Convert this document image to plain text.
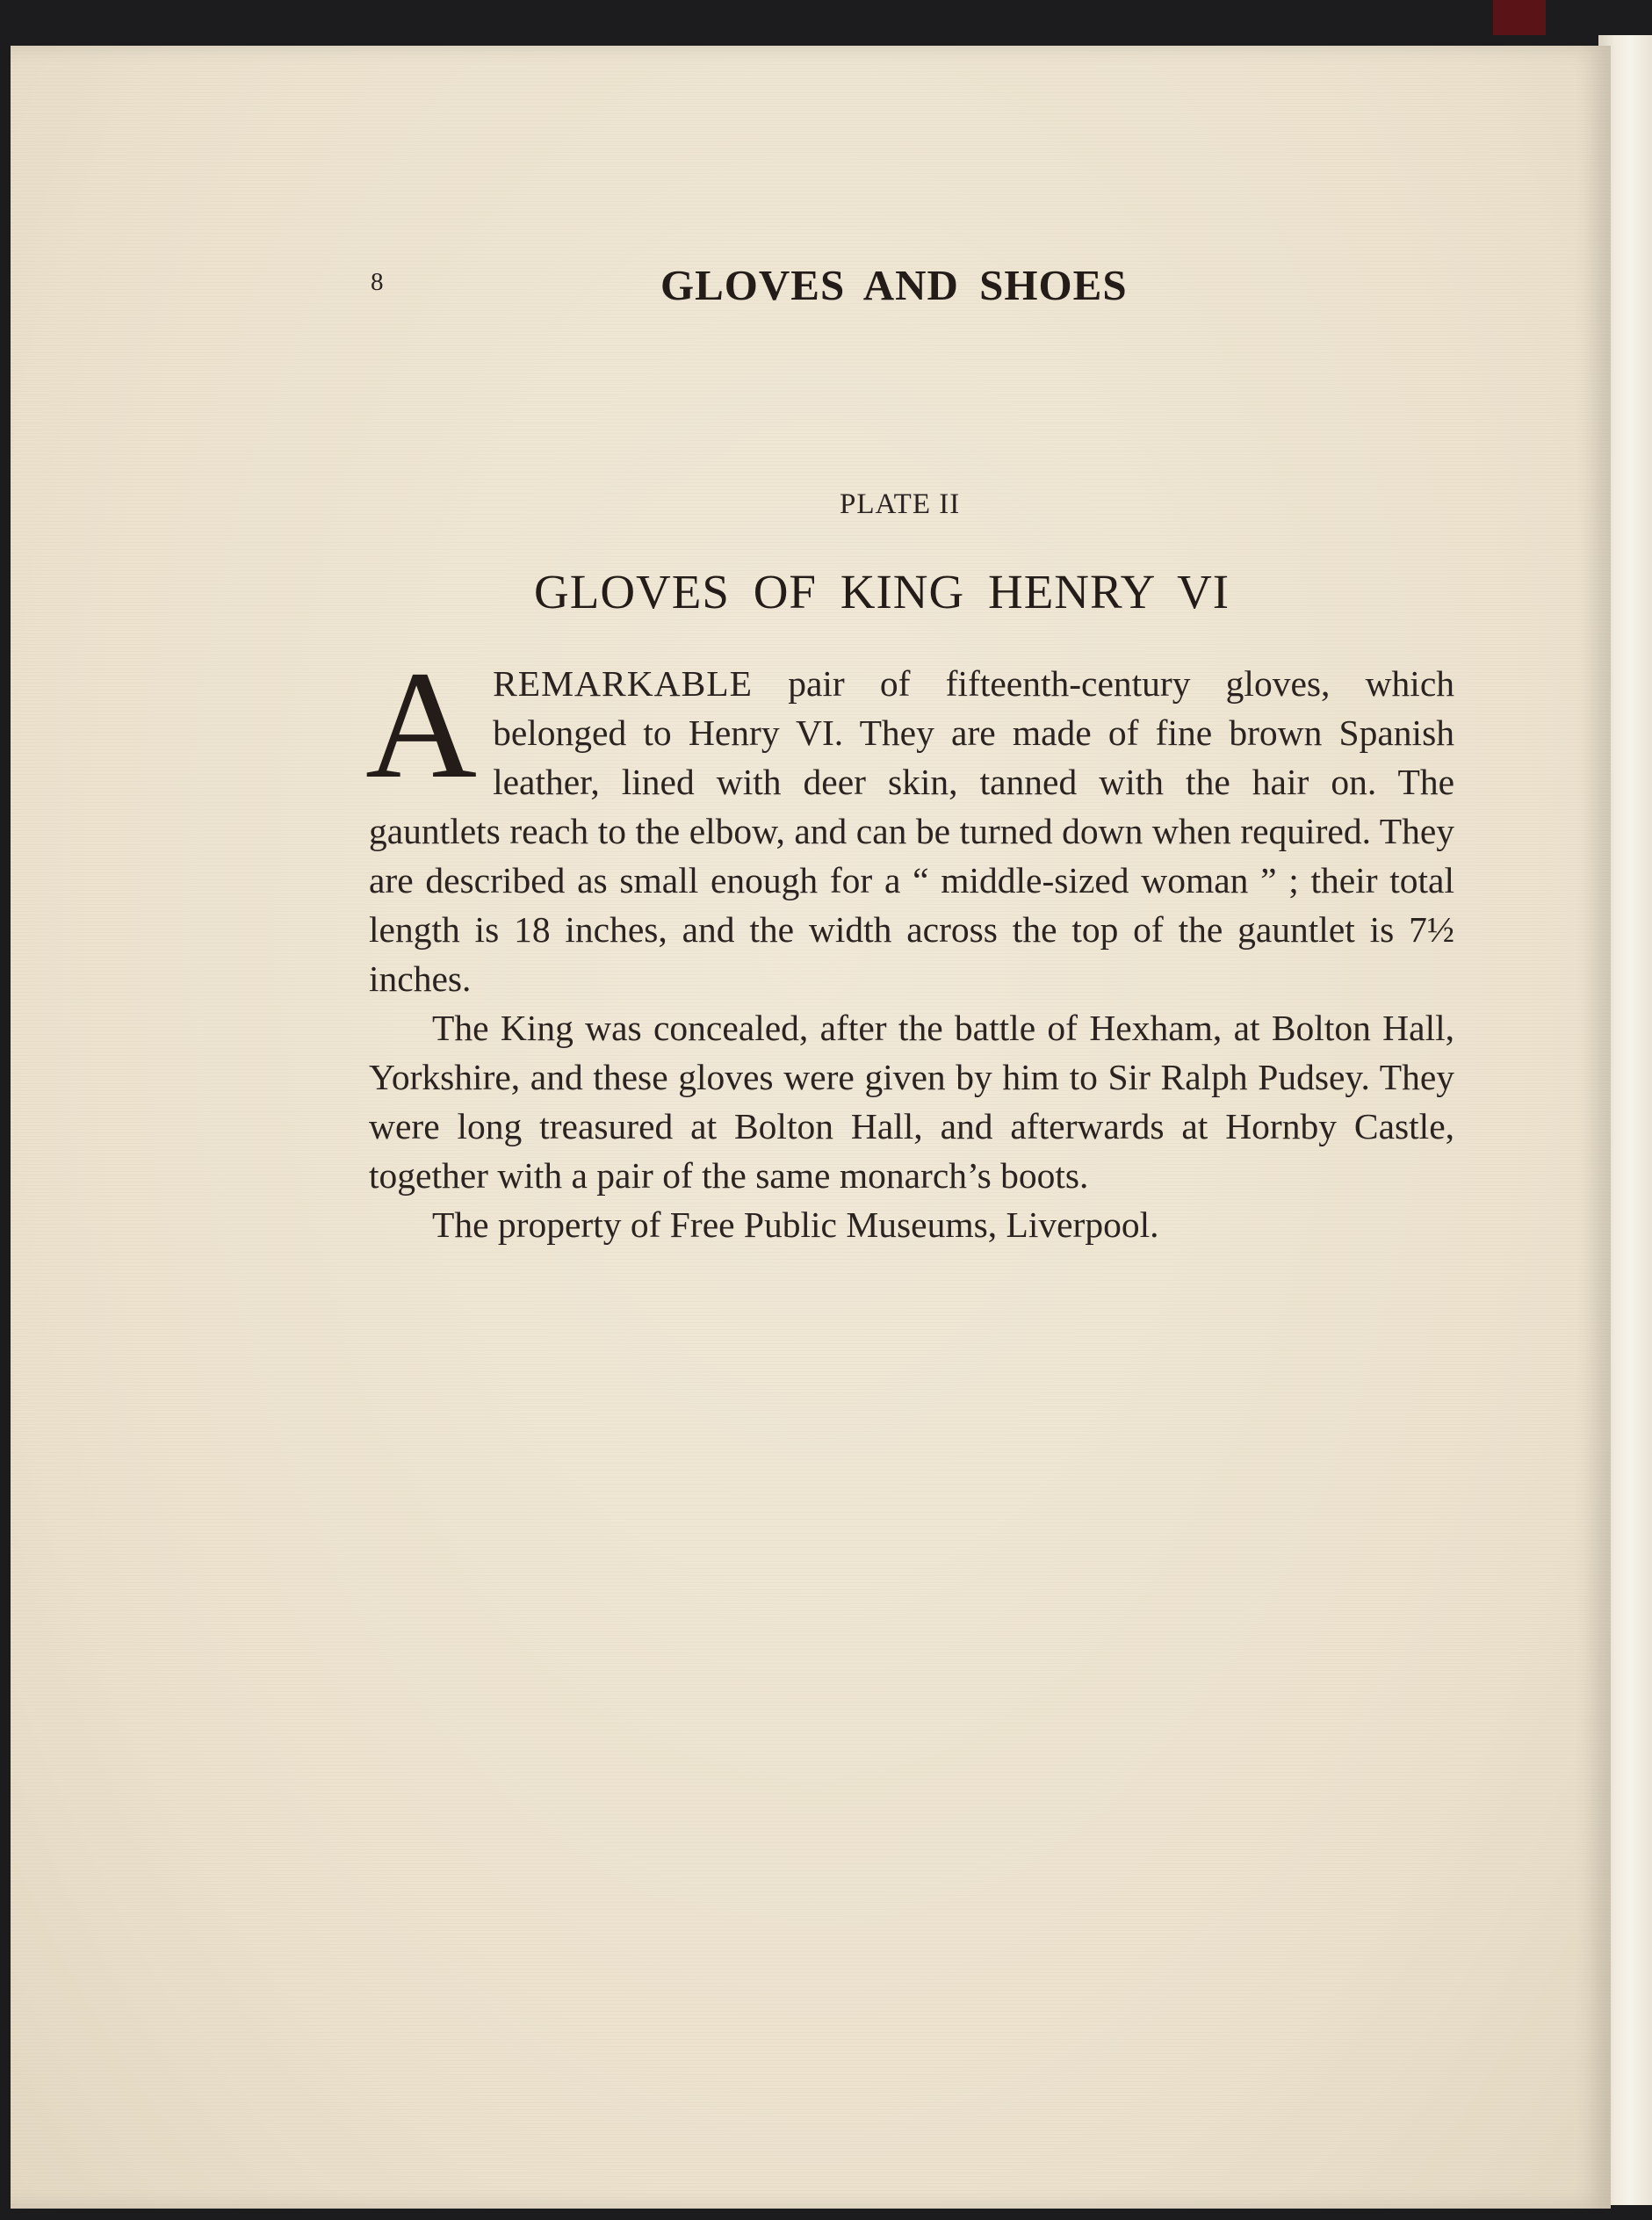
8	GLOVES AND SHOES
PLATE II
GLOVES OF KING HENRY VI

AREMARKABLE pair of fifteenth-century gloves, which belonged to Henry VI. They are made of fine brown Spanish leather, lined with deer skin, tanned with the hair on. The gauntlets reach to the elbow, and can be turned down when required. They are described as small enough for a “ middle-sized woman ” ; their total length is 18 inches, and the width across the top of the gauntlet is 7½ inches.

The King was concealed, after the battle of Hexham, at Bolton Hall, Yorkshire, and these gloves were given by him to Sir Ralph Pudsey. They were long treasured at Bolton Hall, and afterwards at Hornby Castle, together with a pair of the same monarch’s boots.

The property of Free Public Museums, Liverpool.
